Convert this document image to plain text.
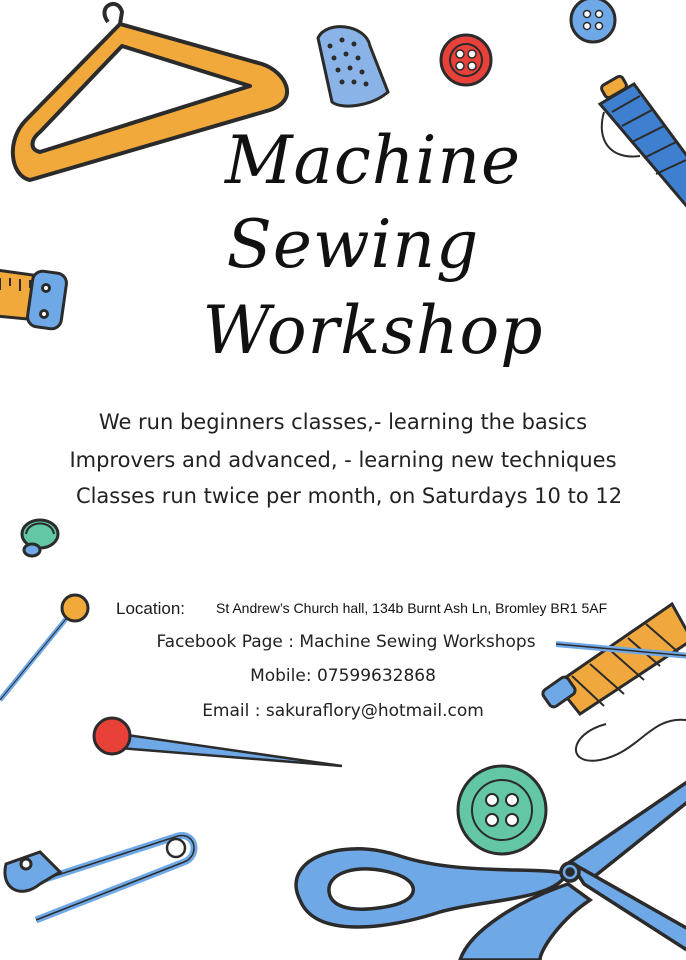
Machine
Sewing
Workshop
We run beginners classes,- learning the basics
Improvers and advanced, - learning new techniques
Classes run twice per month, on Saturdays 10 to 12
Location: St Andrew’s Church hall, 134b Burnt Ash Ln, Bromley BR1 5AF
Facebook Page : Machine Sewing Workshops
Mobile: 07599632868
Email : sakuraflory@hotmail.com
